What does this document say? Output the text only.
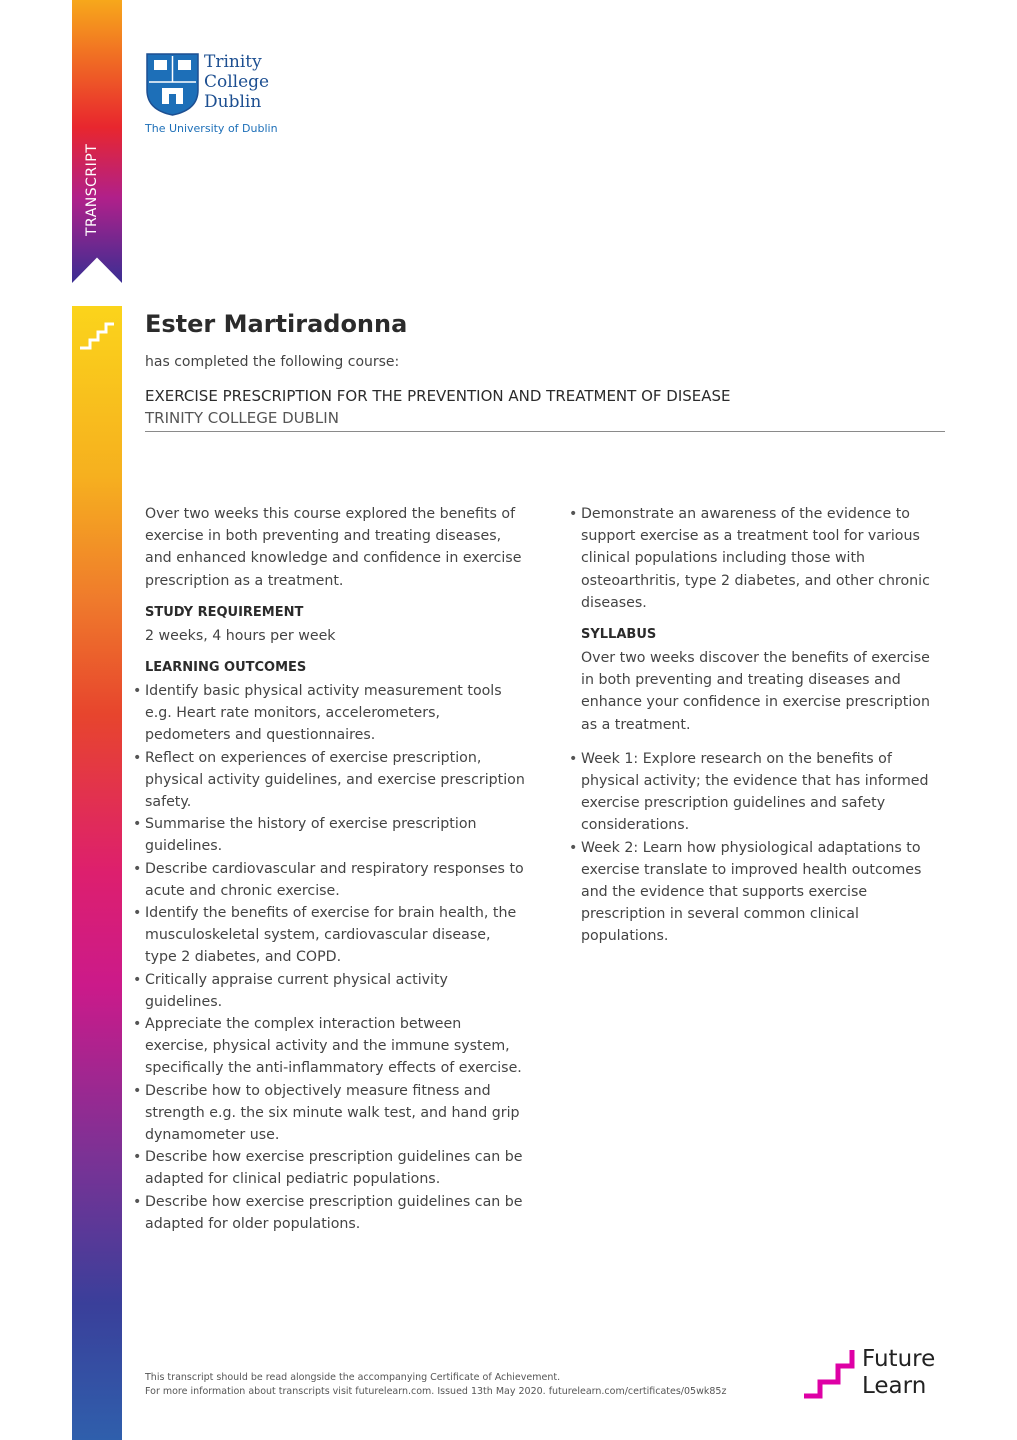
TRANSCRIPT
Trinity
College
Dublin
The University of Dublin
Ester Martiradonna
has completed the following course:
EXERCISE PRESCRIPTION FOR THE PREVENTION AND TREATMENT OF DISEASE
TRINITY COLLEGE DUBLIN

Over two weeks this course explored the benefits of exercise in both preventing and treating diseases, and enhanced knowledge and confidence in exercise prescription as a treatment.

STUDY REQUIREMENT

2 weeks, 4 hours per week

LEARNING OUTCOMES
• Identify basic physical activity measurement tools e.g. Heart rate monitors, accelerometers, pedometers and questionnaires.
• Reflect on experiences of exercise prescription, physical activity guidelines, and exercise prescription safety.
• Summarise the history of exercise prescription guidelines.
• Describe cardiovascular and respiratory responses to acute and chronic exercise.
• Identify the benefits of exercise for brain health, the musculoskeletal system, cardiovascular disease, type 2 diabetes, and COPD.
• Critically appraise current physical activity guidelines.
• Appreciate the complex interaction between exercise, physical activity and the immune system, specifically the anti-inflammatory effects of exercise.
• Describe how to objectively measure fitness and strength e.g. the six minute walk test, and hand grip dynamometer use.
• Describe how exercise prescription guidelines can be adapted for clinical pediatric populations.
• Describe how exercise prescription guidelines can be adapted for older populations.
• Demonstrate an awareness of the evidence to support exercise as a treatment tool for various clinical populations including those with osteoarthritis, type 2 diabetes, and other chronic diseases.
SYLLABUS

Over two weeks discover the benefits of exercise in both preventing and treating diseases and enhance your confidence in exercise prescription as a treatment.

• Week 1: Explore research on the benefits of physical activity; the evidence that has informed exercise prescription guidelines and safety considerations.
• Week 2: Learn how physiological adaptations to exercise translate to improved health outcomes and the evidence that supports exercise prescription in several common clinical populations.
This transcript should be read alongside the accompanying Certificate of Achievement.
For more information about transcripts visit futurelearn.com. Issued 13th May 2020. futurelearn.com/certificates/05wk85z
Future
Learn
